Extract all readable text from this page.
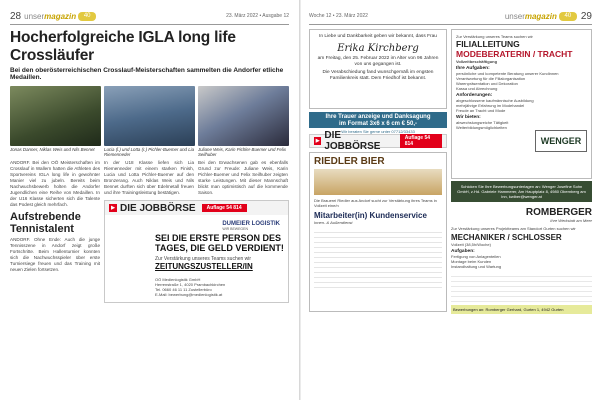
28 unsermagazin	40	23. März 2022 • Ausgabe 12
Hocherfolgreiche IGLA long life Crossläufer
Bei den oberösterreichischen Crosslauf-Meisterschaften sammelten die Andorfer etliche Medaillen.
Jonas Danner, Niklas Weis und Nils Bennet	Lucia (l.) und Lotta (r.) Pichler-Buemer und Lia Riemenneder
Juliane Weis, Karin Pichler-Buemer und Felix Seilhuber

ANDORF. Bei den OÖ Meisterschaften im Crosslauf in Wallern hatten die Athleten des Sportvereins IGLA long life in gewohnter Manier viel zu jubeln. Bereits beim Nachwuchsbewerb holten die Andorfer Jugendlichen eine Reihe von Medaillen. In der U16 Klasse sicherten sich die Talente das Podest gleich mehrfach.

Aufstrebende Tennistalent

ANDORF. Ohne Ende: Auch die junge Tennisszene in Andorf zeigt große Fortschritte. Beim Hallenturnier konnten sich die Nachwuchsspieler über erste Turniersiege freuen und das Training mit neuen Zielen fortsetzen.

In der U18 Klasse liefen sich Lia Riemenneder mit einem starken Finish, Lucia und Lotta Pichler-Buemer auf den Bronzerang. Auch Niklas Weis und Nils Bennet durften sich über Edelmetall freuen und ihre Trainingsleistung bestätigen.

Bei den Erwachsenen gab es ebenfalls Grund zur Freude: Juliane Weis, Karin Pichler-Buemer und Felix Seilhuber zeigten starke Leistungen. Mit dieser Mannschaft blickt man optimistisch auf die kommende Saison.

▶ DIE JOBBÖRSE	Auflage 54 814
DUMEIER LOGISTIK
WIR BEWEGEN
SEI DIE ERSTE PERSON DES
TAGES, DIE GELD VERDIENT!
Zur Verstärkung unseres Teams suchen wir
ZEITUNGSZUSTELLER/IN
OÖ Medienlogistik GmbH
Herrenstraße 1, 4020 Prambachkirchen
Tel. 0660 46 11 11 Zustellerbüro
E-Mail: bewerbung@medienlogistik.at
Woche 12 • 23. März 2022	unsermagazin	40 29
In Liebe und Dankbarkeit geben wir bekannt, dass Frau
Erika Kirchberg
am Freitag, den 25. Februar 2022 im Alter von 96 Jahren von uns gegangen ist.
Die Verabschiedung fand wunschgemäß im engsten Familienkreis statt. Dem Friedhof ist bekannt.
Ihre Trauer anzeige und Danksagung
im Format 3x6 x 6 cm € 50,-
Wir beraten Sie gerne unter 07712/33433
▶ DIE JOBBÖRSE
Auflage 54 814
RIEDLER BIER
Die Brauerei Riedler aus Andorf sucht zur Verstärkung ihres Teams in Vollzeit eine/n
Mitarbeiter(in) Kundenservice
Innen- & Außendienst
Zur Verstärkung unseres Teams suchen wir
FILIALLEITUNG
MODEBERATERIN / TRACHT
Vollzeitbeschäftigung
Ihre Aufgaben:
persönliche und kompetente Beratung unserer Kundinnen
Verantwortung für die Filialorganisation
Warenpräsentation und Dekoration
Kassa und Abrechnung
Anforderungen:
abgeschlossene kaufmännische Ausbildung
mehrjährige Erfahrung im Modehandel
Freude an Tracht und Mode
Wir bieten:
abwechslungsreiche Tätigkeit
Weiterbildungsmöglichkeiten
WENGER
Schicken Sie Ihre Bewerbungsunterlagen an: Wenger Josefine Sohn GmbH, z.Hd. Gabriele Hammerer, Am Hauptplatz 8, 4980 Obernberg am Inn, kwiber@wenger.at
ROMBERGER
Ihre Werkstatt am Meer
Zur Verstärkung unseres Projektteams am Standort Gurten suchen wir
MECHANIKER / SCHLOSSER
Vollzeit (38,5h/Woche)
Aufgaben:
Fertigung von Anlagenteilen
Montage beim Kunden
Instandhaltung und Wartung
Bewerbungen an: Romberger Gerhard, Gurten 1, 4942 Gurten
